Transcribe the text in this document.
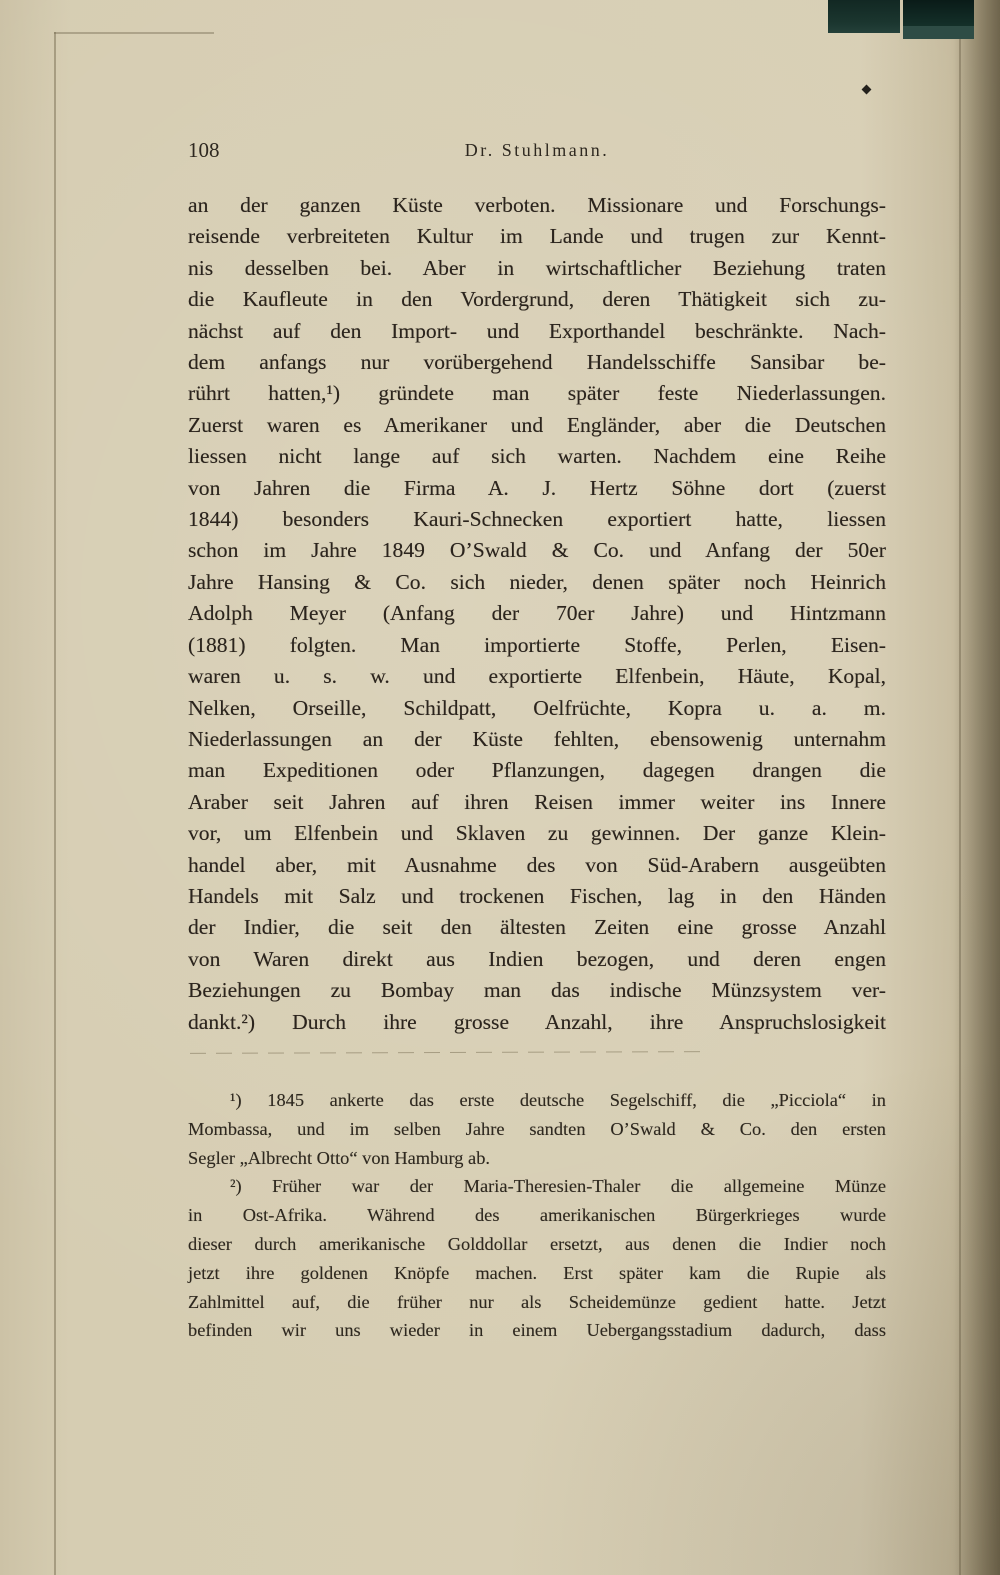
108	Dr. Stuhlmann.
an der ganzen Küste verboten. Missionare und Forschungs-
reisende verbreiteten Kultur im Lande und trugen zur Kennt-
nis desselben bei. Aber in wirtschaftlicher Beziehung traten
die Kaufleute in den Vordergrund, deren Thätigkeit sich zu-
nächst auf den Import- und Exporthandel beschränkte. Nach-
dem anfangs nur vorübergehend Handelsschiffe Sansibar be-
rührt hatten,¹) gründete man später feste Niederlassungen.
Zuerst waren es Amerikaner und Engländer, aber die Deutschen
liessen nicht lange auf sich warten. Nachdem eine Reihe
von Jahren die Firma A. J. Hertz Söhne dort (zuerst
1844) besonders Kauri-Schnecken exportiert hatte, liessen
schon im Jahre 1849 O’Swald & Co. und Anfang der 50er
Jahre Hansing & Co. sich nieder, denen später noch Heinrich
Adolph Meyer (Anfang der 70er Jahre) und Hintzmann
(1881) folgten. Man importierte Stoffe, Perlen, Eisen-
waren u. s. w. und exportierte Elfenbein, Häute, Kopal,
Nelken, Orseille, Schildpatt, Oelfrüchte, Kopra u. a. m.
Niederlassungen an der Küste fehlten, ebensowenig unternahm
man Expeditionen oder Pflanzungen, dagegen drangen die
Araber seit Jahren auf ihren Reisen immer weiter ins Innere
vor, um Elfenbein und Sklaven zu gewinnen. Der ganze Klein-
handel aber, mit Ausnahme des von Süd-Arabern ausgeübten
Handels mit Salz und trockenen Fischen, lag in den Händen
der Indier, die seit den ältesten Zeiten eine grosse Anzahl
von Waren direkt aus Indien bezogen, und deren engen
Beziehungen zu Bombay man das indische Münzsystem ver-
dankt.²) Durch ihre grosse Anzahl, ihre Anspruchslosigkeit
¹) 1845 ankerte das erste deutsche Segelschiff, die „Picciola“ in
Mombassa, und im selben Jahre sandten O’Swald & Co. den ersten
Segler „Albrecht Otto“ von Hamburg ab.
²) Früher war der Maria-Theresien-Thaler die allgemeine Münze
in Ost-Afrika. Während des amerikanischen Bürgerkrieges wurde
dieser durch amerikanische Golddollar ersetzt, aus denen die Indier noch
jetzt ihre goldenen Knöpfe machen. Erst später kam die Rupie als
Zahlmittel auf, die früher nur als Scheidemünze gedient hatte. Jetzt
befinden wir uns wieder in einem Uebergangsstadium dadurch, dass
